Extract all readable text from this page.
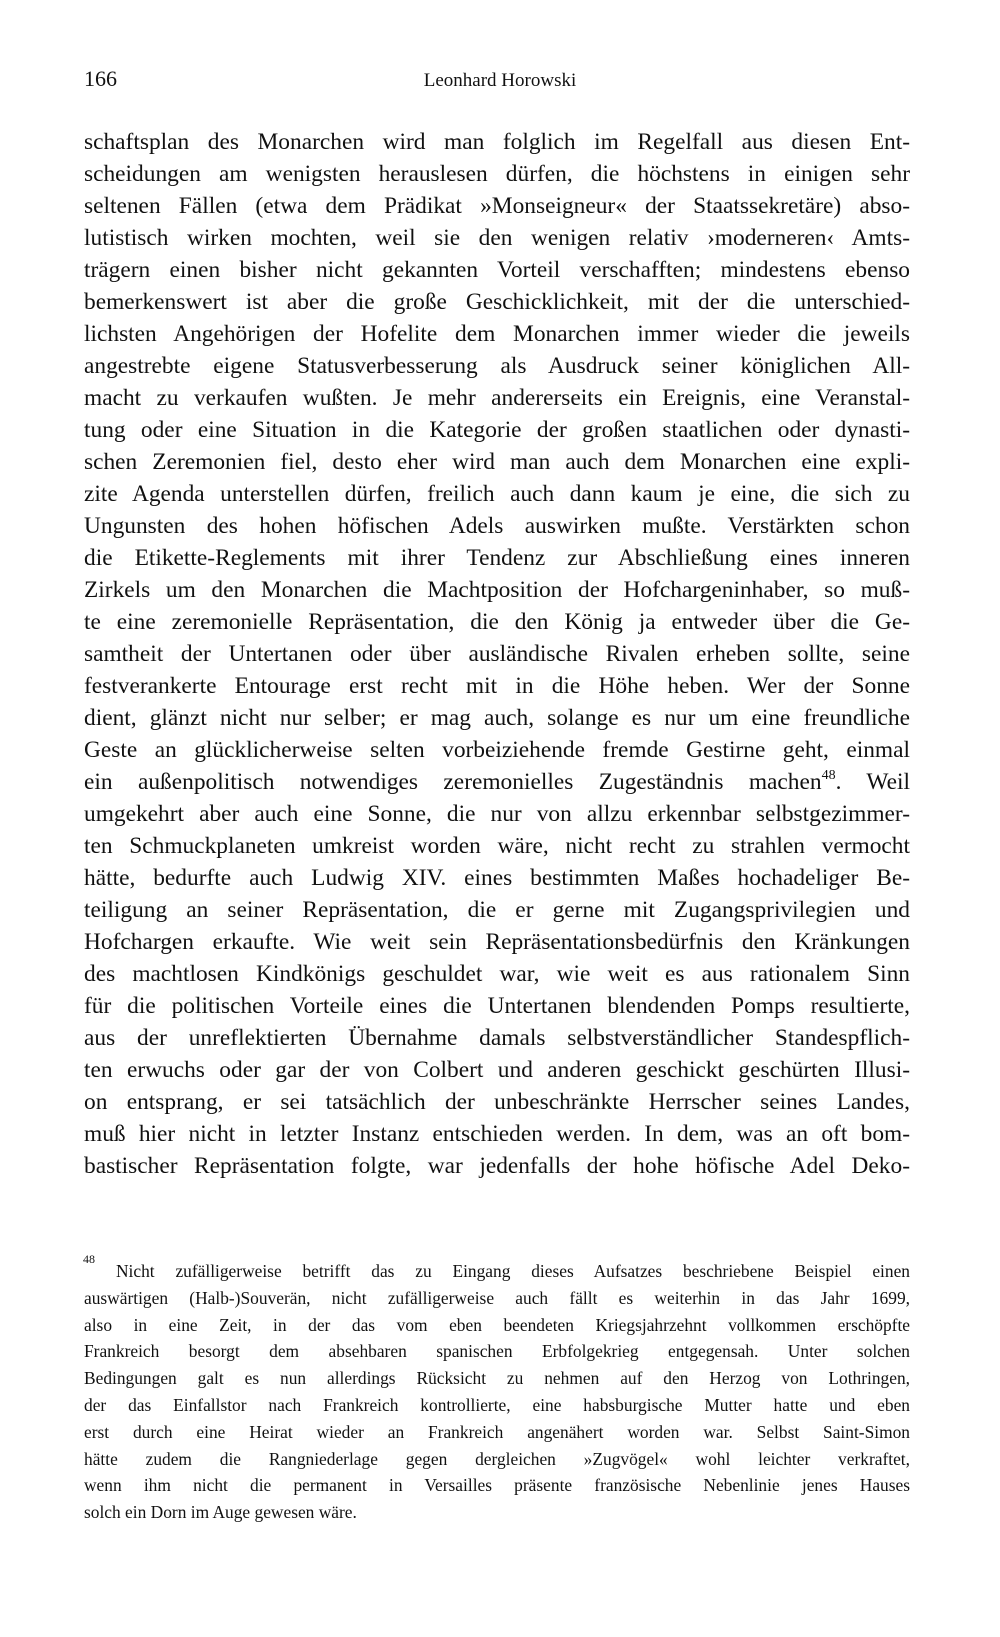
166	Leonhard Horowski
schaftsplan des Monarchen wird man folglich im Regelfall aus diesen Ent-
scheidungen am wenigsten herauslesen dürfen, die höchstens in einigen sehr
seltenen Fällen (etwa dem Prädikat »Monseigneur« der Staatssekretäre) abso-
lutistisch wirken mochten, weil sie den wenigen relativ ›moderneren‹ Amts-
trägern einen bisher nicht gekannten Vorteil verschafften; mindestens ebenso
bemerkenswert ist aber die große Geschicklichkeit, mit der die unterschied-
lichsten Angehörigen der Hofelite dem Monarchen immer wieder die jeweils
angestrebte eigene Statusverbesserung als Ausdruck seiner königlichen All-
macht zu verkaufen wußten. Je mehr andererseits ein Ereignis, eine Veranstal-
tung oder eine Situation in die Kategorie der großen staatlichen oder dynasti-
schen Zeremonien fiel, desto eher wird man auch dem Monarchen eine expli-
zite Agenda unterstellen dürfen, freilich auch dann kaum je eine, die sich zu
Ungunsten des hohen höfischen Adels auswirken mußte. Verstärkten schon
die Etikette-Reglements mit ihrer Tendenz zur Abschließung eines inneren
Zirkels um den Monarchen die Machtposition der Hofchargeninhaber, so muß-
te eine zeremonielle Repräsentation, die den König ja entweder über die Ge-
samtheit der Untertanen oder über ausländische Rivalen erheben sollte, seine
festverankerte Entourage erst recht mit in die Höhe heben. Wer der Sonne
dient, glänzt nicht nur selber; er mag auch, solange es nur um eine freundliche
Geste an glücklicherweise selten vorbeiziehende fremde Gestirne geht, einmal
ein außenpolitisch notwendiges zeremonielles Zugeständnis machen$^{48}$. Weil
umgekehrt aber auch eine Sonne, die nur von allzu erkennbar selbstgezimmer-
ten Schmuckplaneten umkreist worden wäre, nicht recht zu strahlen vermocht
hätte, bedurfte auch Ludwig XIV. eines bestimmten Maßes hochadeliger Be-
teiligung an seiner Repräsentation, die er gerne mit Zugangsprivilegien und
Hofchargen erkaufte. Wie weit sein Repräsentationsbedürfnis den Kränkungen
des machtlosen Kindkönigs geschuldet war, wie weit es aus rationalem Sinn
für die politischen Vorteile eines die Untertanen blendenden Pomps resultierte,
aus der unreflektierten Übernahme damals selbstverständlicher Standespflich-
ten erwuchs oder gar der von Colbert und anderen geschickt geschürten Illusi-
on entsprang, er sei tatsächlich der unbeschränkte Herrscher seines Landes,
muß hier nicht in letzter Instanz entschieden werden. In dem, was an oft bom-
bastischer Repräsentation folgte, war jedenfalls der hohe höfische Adel Deko-
48
Nicht zufälligerweise betrifft das zu Eingang dieses Aufsatzes beschriebene Beispiel einen
auswärtigen (Halb-)Souverän, nicht zufälligerweise auch fällt es weiterhin in das Jahr 1699,
also in eine Zeit, in der das vom eben beendeten Kriegsjahrzehnt vollkommen erschöpfte
Frankreich besorgt dem absehbaren spanischen Erbfolgekrieg entgegensah. Unter solchen
Bedingungen galt es nun allerdings Rücksicht zu nehmen auf den Herzog von Lothringen,
der das Einfallstor nach Frankreich kontrollierte, eine habsburgische Mutter hatte und eben
erst durch eine Heirat wieder an Frankreich angenähert worden war. Selbst Saint-Simon
hätte zudem die Rangniederlage gegen dergleichen »Zugvögel« wohl leichter verkraftet,
wenn ihm nicht die permanent in Versailles präsente französische Nebenlinie jenes Hauses
solch ein Dorn im Auge gewesen wäre.
